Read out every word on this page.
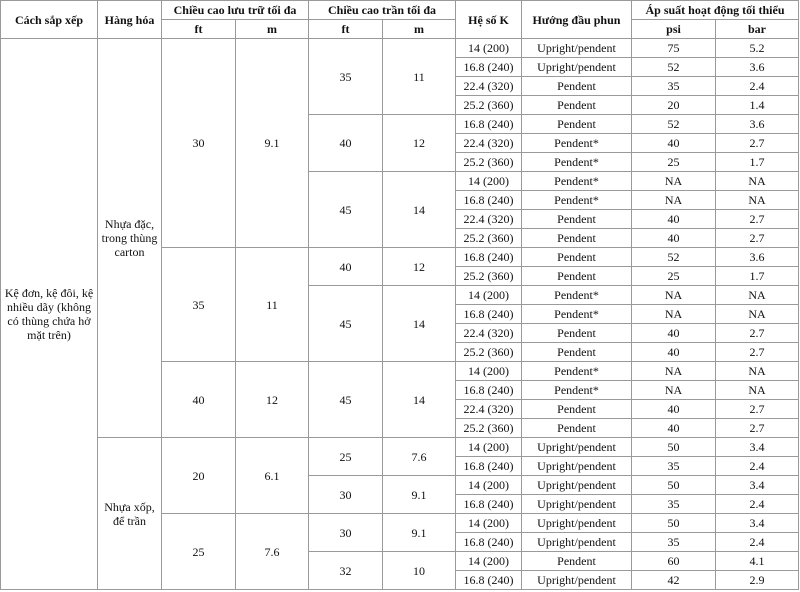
Cách sắp xếp	Hàng hóa	Chiều cao lưu trữ tối đa		Chiều cao trần tối đa		Hệ số K	Hướng đầu phun	Áp suất hoạt động tối thiểu	
		ft	m	ft	m			psi	bar
Kệ đơn, kệ đôi, kệ nhiều dãy (không có thùng chứa hở mặt trên)	Nhựa đặc, trong thùng carton	30	9.1	35	11	14 (200)	Upright/pendent	75	5.2
						16.8 (240)	Upright/pendent	52	3.6
						22.4 (320)	Pendent	35	2.4
						25.2 (360)	Pendent	20	1.4
				40	12	16.8 (240)	Pendent	52	3.6
						22.4 (320)	Pendent*	40	2.7
						25.2 (360)	Pendent*	25	1.7
				45	14	14 (200)	Pendent*	NA	NA
						16.8 (240)	Pendent*	NA	NA
						22.4 (320)	Pendent	40	2.7
						25.2 (360)	Pendent	40	2.7
		35	11	40	12	16.8 (240)	Pendent	52	3.6
						25.2 (360)	Pendent	25	1.7
				45	14	14 (200)	Pendent*	NA	NA
						16.8 (240)	Pendent*	NA	NA
						22.4 (320)	Pendent	40	2.7
						25.2 (360)	Pendent	40	2.7
		40	12	45	14	14 (200)	Pendent*	NA	NA
						16.8 (240)	Pendent*	NA	NA
						22.4 (320)	Pendent	40	2.7
						25.2 (360)	Pendent	40	2.7
	Nhựa xốp, để trần	20	6.1	25	7.6	14 (200)	Upright/pendent	50	3.4
						16.8 (240)	Upright/pendent	35	2.4
				30	9.1	14 (200)	Upright/pendent	50	3.4
						16.8 (240)	Upright/pendent	35	2.4
		25	7.6	30	9.1	14 (200)	Upright/pendent	50	3.4
						16.8 (240)	Upright/pendent	35	2.4
				32	10	14 (200)	Pendent	60	4.1
						16.8 (240)	Upright/pendent	42	2.9
